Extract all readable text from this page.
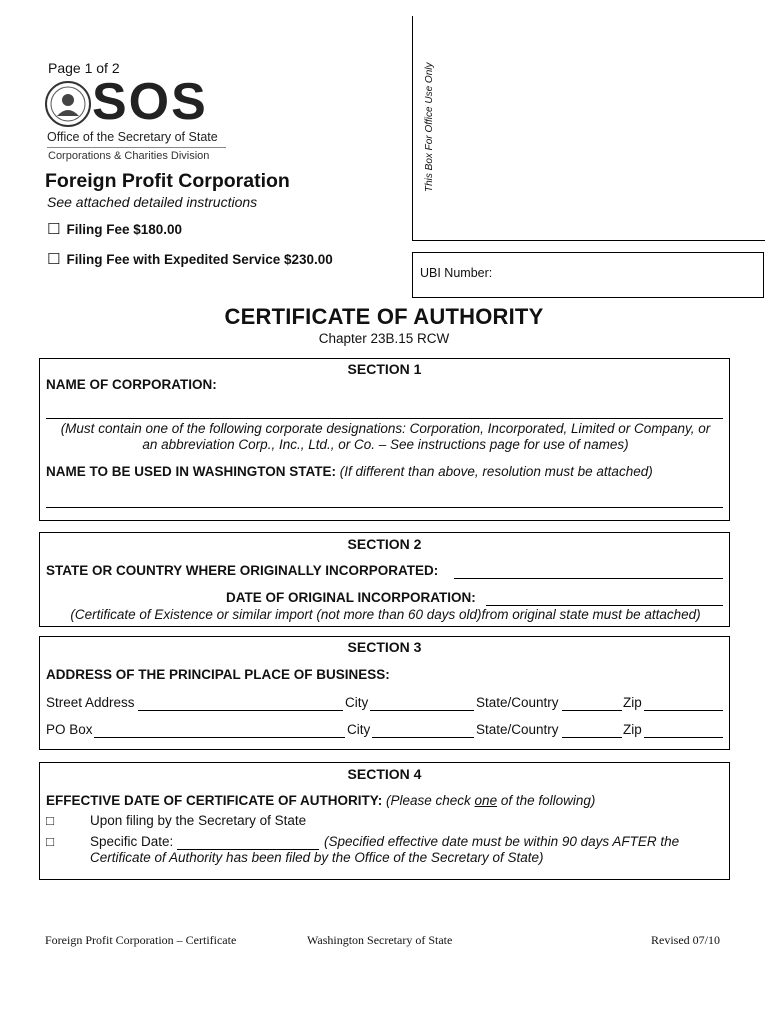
Page 1 of 2
SOS
Office of the Secretary of State
Corporations & Charities Division
Foreign Profit Corporation
See attached detailed instructions
☐ Filing Fee $180.00
☐ Filing Fee with Expedited Service $230.00
This Box For Office Use Only
UBI Number:
CERTIFICATE OF AUTHORITY
Chapter 23B.15 RCW
SECTION 1
NAME OF CORPORATION:
(Must contain one of the following corporate designations: Corporation, Incorporated, Limited or Company, or
an abbreviation Corp., Inc., Ltd., or Co. – See instructions page for use of names)
NAME TO BE USED IN WASHINGTON STATE: (If different than above, resolution must be attached)
SECTION 2
STATE OR COUNTRY WHERE ORIGINALLY INCORPORATED:
DATE OF ORIGINAL INCORPORATION:
(Certificate of Existence or similar import (not more than 60 days old)from original state must be attached)
SECTION 3
ADDRESS OF THE PRINCIPAL PLACE OF BUSINESS:
Street Address	City	State/Country	Zip
PO Box	City	State/Country	Zip
SECTION 4
EFFECTIVE DATE OF CERTIFICATE OF AUTHORITY: (Please check one of the following)
□	Upon filing by the Secretary of State
□	Specific Date:	(Specified effective date must be within 90 days AFTER the
Certificate of Authority has been filed by the Office of the Secretary of State)
Foreign Profit Corporation – Certificate	Washington Secretary of State	Revised 07/10
